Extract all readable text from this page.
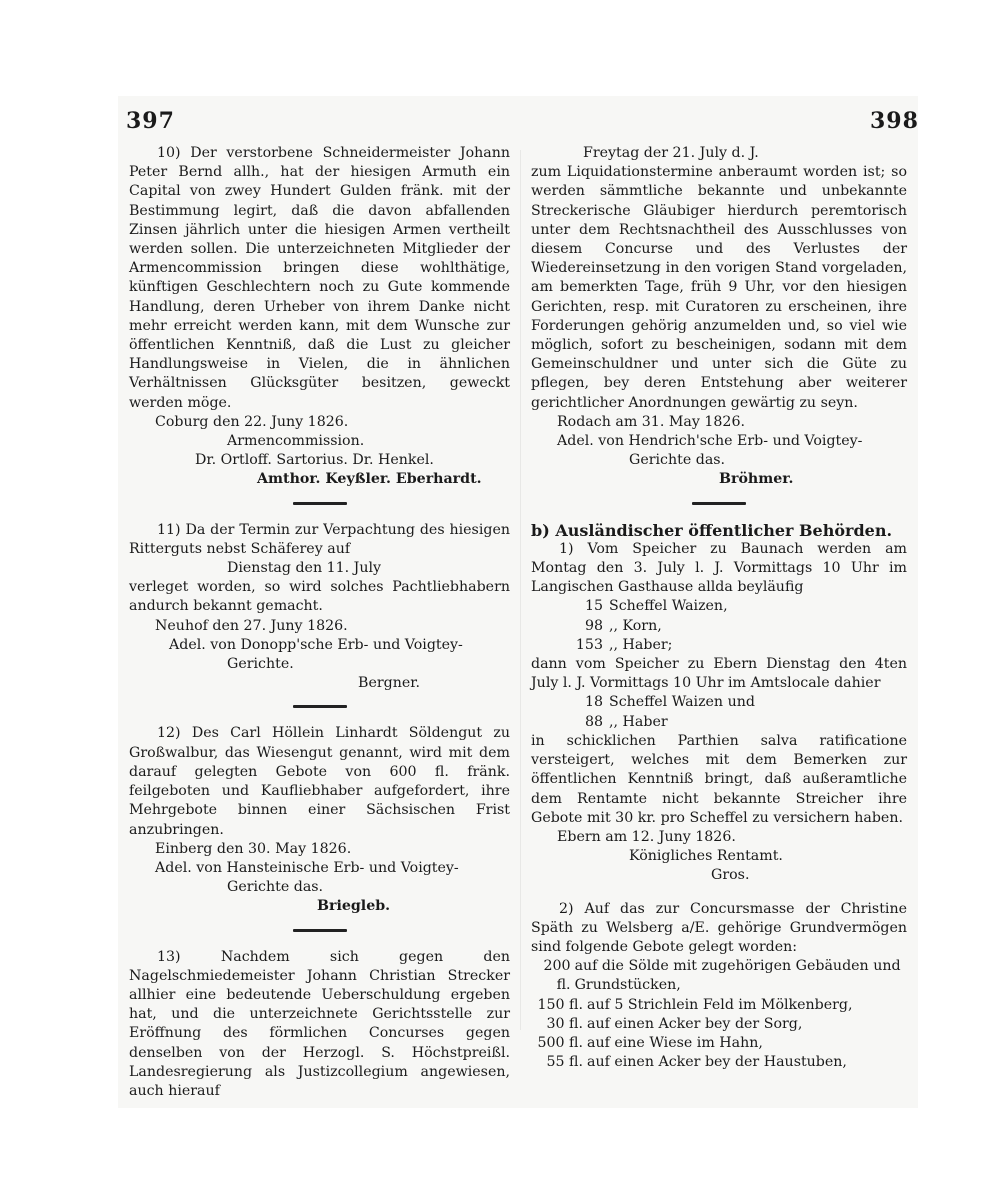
397	398

10) Der verstorbene Schneidermeister Johann Peter Bernd allh., hat der hiesigen Armuth ein Capital von zwey Hundert Gulden fränk. mit der Bestimmung legirt, daß die davon abfallenden Zinsen jährlich unter die hiesigen Armen vertheilt werden sollen. Die unterzeichneten Mitglieder der Armencommission bringen diese wohlthätige, künftigen Geschlechtern noch zu Gute kommende Handlung, deren Urheber von ihrem Danke nicht mehr erreicht werden kann, mit dem Wunsche zur öffentlichen Kenntniß, daß die Lust zu gleicher Handlungsweise in Vielen, die in ähnlichen Verhältnissen Glücksgüter besitzen, geweckt werden möge.

Coburg den 22. Juny 1826.

Armencommission.

Dr. Ortloff. Sartorius. Dr. Henkel.

Amthor. Keyßler. Eberhardt.

11) Da der Termin zur Verpachtung des hiesigen Ritterguts nebst Schäferey auf

Dienstag den 11. July

verleget worden, so wird solches Pachtliebhabern andurch bekannt gemacht.

Neuhof den 27. Juny 1826.

Adel. von Donopp'sche Erb- und Voigtey-

Gerichte.

Bergner.

12) Des Carl Höllein Linhardt Söldengut zu Großwalbur, das Wiesengut genannt, wird mit dem darauf gelegten Gebote von 600 fl. fränk. feilgeboten und Kaufliebhaber aufgefordert, ihre Mehrgebote binnen einer Sächsischen Frist anzubringen.

Einberg den 30. May 1826.

Adel. von Hansteinische Erb- und Voigtey-

Gerichte das.

Briegleb.

13) Nachdem sich gegen den Nagelschmiedemeister Johann Christian Strecker allhier eine bedeutende Ueberschuldung ergeben hat, und die unterzeichnete Gerichtsstelle zur Eröffnung des förmlichen Concurses gegen denselben von der Herzogl. S. Höchstpreißl. Landesregierung als Justizcollegium angewiesen, auch hierauf

Freytag der 21. July d. J.

zum Liquidationstermine anberaumt worden ist; so werden sämmtliche bekannte und unbekannte Streckerische Gläubiger hierdurch peremtorisch unter dem Rechtsnachtheil des Ausschlusses von diesem Concurse und des Verlustes der Wiedereinsetzung in den vorigen Stand vorgeladen, am bemerkten Tage, früh 9 Uhr, vor den hiesigen Gerichten, resp. mit Curatoren zu erscheinen, ihre Forderungen gehörig anzumelden und, so viel wie möglich, sofort zu bescheinigen, sodann mit dem Gemeinschuldner und unter sich die Güte zu pflegen, bey deren Entstehung aber weiterer gerichtlicher Anordnungen gewärtig zu seyn.

Rodach am 31. May 1826.

Adel. von Hendrich'sche Erb- und Voigtey-

Gerichte das.

Bröhmer.

b) Ausländischer öffentlicher Behörden.

1) Vom Speicher zu Baunach werden am Montag den 3. July l. J. Vormittags 10 Uhr im Langischen Gasthause allda beyläufig

15 Scheffel Waizen,
98 ,, Korn,
153 ,, Haber;

dann vom Speicher zu Ebern Dienstag den 4ten July l. J. Vormittags 10 Uhr im Amtslocale dahier

18 Scheffel Waizen und
88 ,, Haber

in schicklichen Parthien salva ratificatione versteigert, welches mit dem Bemerken zur öffentlichen Kenntniß bringt, daß außeramtliche dem Rentamte nicht bekannte Streicher ihre Gebote mit 30 kr. pro Scheffel zu versichern haben.

Ebern am 12. Juny 1826.

Königliches Rentamt.

Gros.

2) Auf das zur Concursmasse der Christine Späth zu Welsberg a/E. gehörige Grundvermögen sind folgende Gebote gelegt worden:

200 fl.
auf die Sölde mit zugehörigen Gebäuden und Grundstücken,
150 fl. auf 5 Strichlein Feld im Mölkenberg,
30 fl. auf einen Acker bey der Sorg,
500 fl. auf eine Wiese im Hahn,
55 fl. auf einen Acker bey der Haustuben,
